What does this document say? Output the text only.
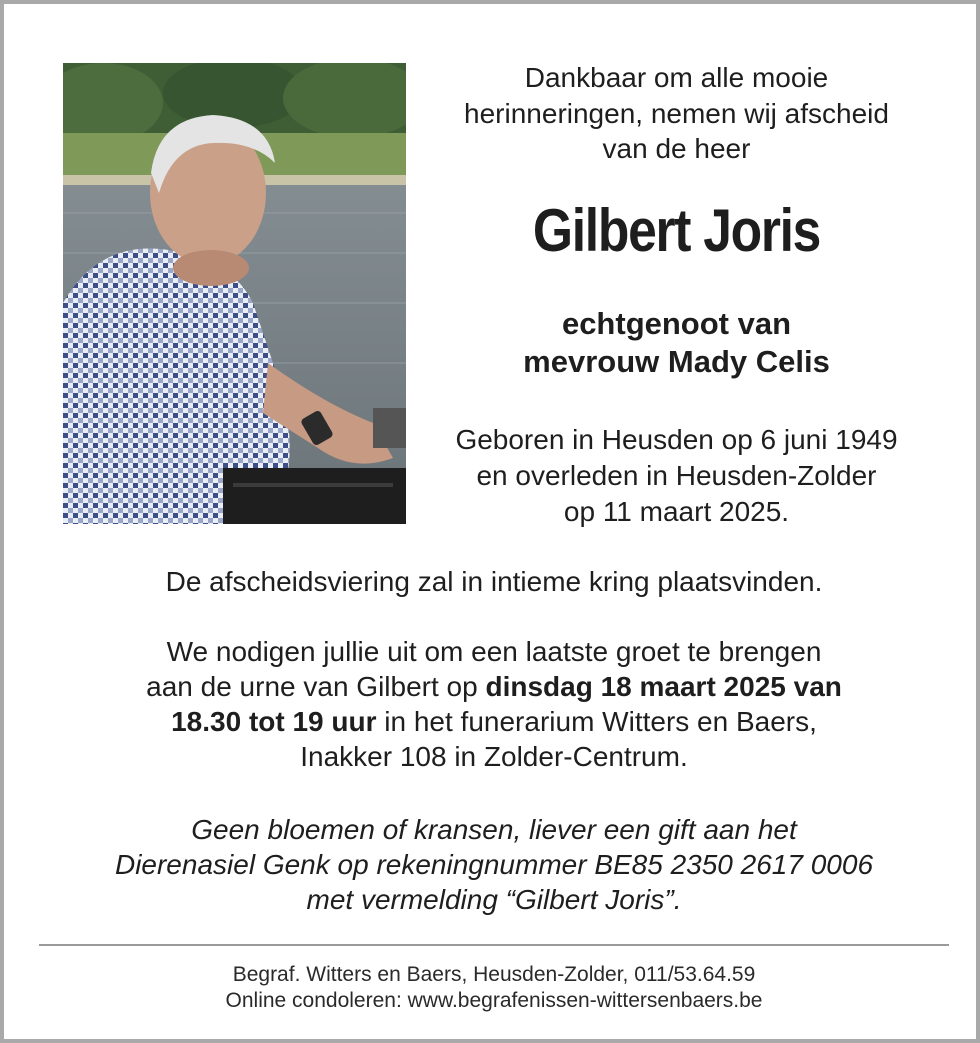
Dankbaar om alle mooie
herinneringen, nemen wij afscheid
van de heer
Gilbert Joris
echtgenoot van
mevrouw Mady Celis
Geboren in Heusden op 6 juni 1949
en overleden in Heusden-Zolder
op 11 maart 2025.
De afscheidsviering zal in intieme kring plaatsvinden.
We nodigen jullie uit om een laatste groet te brengen
aan de urne van Gilbert op dinsdag 18 maart 2025 van
18.30 tot 19 uur in het funerarium Witters en Baers,
Inakker 108 in Zolder-Centrum.
Geen bloemen of kransen, liever een gift aan het
Dierenasiel Genk op rekeningnummer BE85 2350 2617 0006
met vermelding “Gilbert Joris”.
Begraf. Witters en Baers, Heusden-Zolder, 011/53.64.59
Online condoleren: www.begrafenissen-wittersenbaers.be
